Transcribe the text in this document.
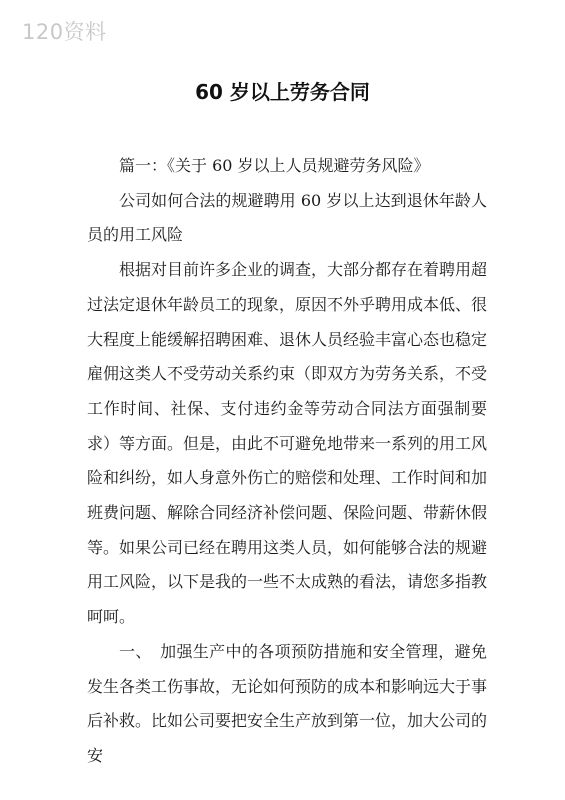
120资料
60 岁以上劳务合同

篇一：《关于 60 岁以上人员规避劳务风险》

公司如何合法的规避聘用 60 岁以上达到退休年龄人员的用工风险

根据对目前许多企业的调查，大部分都存在着聘用超过法定退休年龄员工的现象，原因不外乎聘用成本低、很大程度上能缓解招聘困难、退休人员经验丰富心态也稳定雇佣这类人不受劳动关系约束（即双方为劳务关系，不受工作时间、社保、支付违约金等劳动合同法方面强制要求）等方面。但是，由此不可避免地带来一系列的用工风险和纠纷，如人身意外伤亡的赔偿和处理、工作时间和加班费问题、解除合同经济补偿问题、保险问题、带薪休假等。如果公司已经在聘用这类人员，如何能够合法的规避用工风险，以下是我的一些不太成熟的看法，请您多指教呵呵。

一、　加强生产中的各项预防措施和安全管理，避免发生各类工伤事故，无论如何预防的成本和影响远大于事后补救。比如公司要把安全生产放到第一位，加大公司的安
